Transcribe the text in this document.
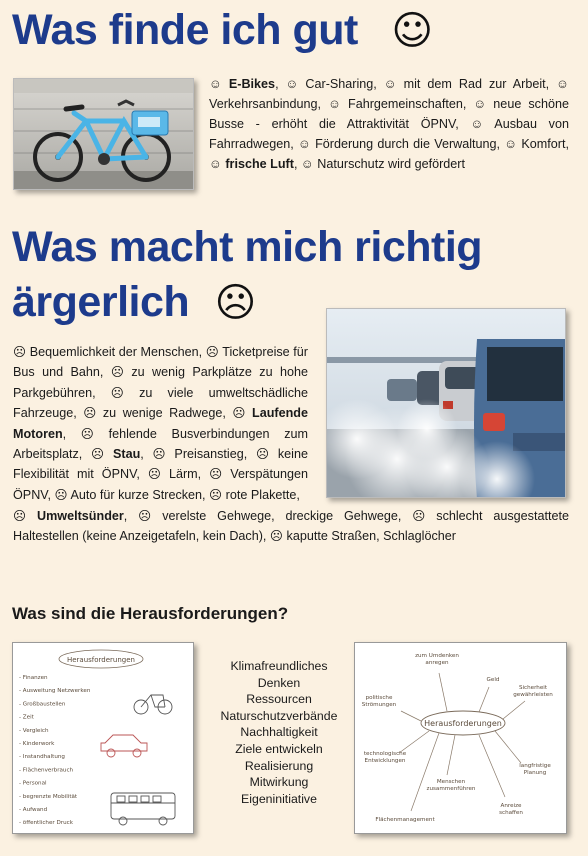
Was finde ich gut ☺
☺ E-Bikes, ☺ Car-Sharing, ☺ mit dem Rad zur Arbeit, ☺ Verkehrsanbindung, ☺ Fahrgemeinschaften, ☺ neue schöne Busse - erhöht die Attraktivität ÖPNV, ☺ Ausbau von Fahrradwegen, ☺ Förderung durch die Verwaltung, ☺ Komfort, ☺ frische Luft, ☺ Naturschutz wird gefördert
Was macht mich richtig
ärgerlich ☹
☹ Bequemlichkeit der Menschen, ☹ Ticketpreise für Bus und Bahn, ☹ zu wenig Parkplätze zu hohe Parkgebühren, ☹ zu viele umweltschädliche Fahrzeuge, ☹ zu wenige Radwege, ☹ Laufende Motoren, ☹ fehlende Busverbindungen zum Arbeitsplatz, ☹ Stau, ☹ Preisanstieg, ☹ keine Flexibilität mit ÖPNV, ☹ Lärm, ☹ Verspätungen ÖPNV, ☹ Auto für kurze Strecken, ☹ rote Plakette,
☹ Umweltsünder, ☹ verelste Gehwege, dreckige Gehwege, ☹ schlecht ausgestattete Haltestellen (keine Anzeigetafeln, kein Dach), ☹ kaputte Straßen, Schlaglöcher
Was sind die Herausforderungen?
Herausforderungen
- Finanzen
- Ausweitung Netzwerken
- Großbaustellen
- Zeit
- Vergleich
- Kinderwork
- Instandhaltung
- Flächenverbrauch
- Personal
- begrenzte Mobilität
- Aufwand
- öffentlicher Druck
Klimafreundliches
Denken
Ressourcen
Naturschutzverbände
Nachhaltigkeit
Ziele entwickeln
Realisierung
Mitwirkung
Eigeninitiative
Herausforderungen
zum Umdenken anregen
Geld
Sicherheit gewährleisten
politische Strömungen
technologische Entwicklungen
Menschen zusammenführen
langfristige Planung
Anreize schaffen
Flächenmanagement
